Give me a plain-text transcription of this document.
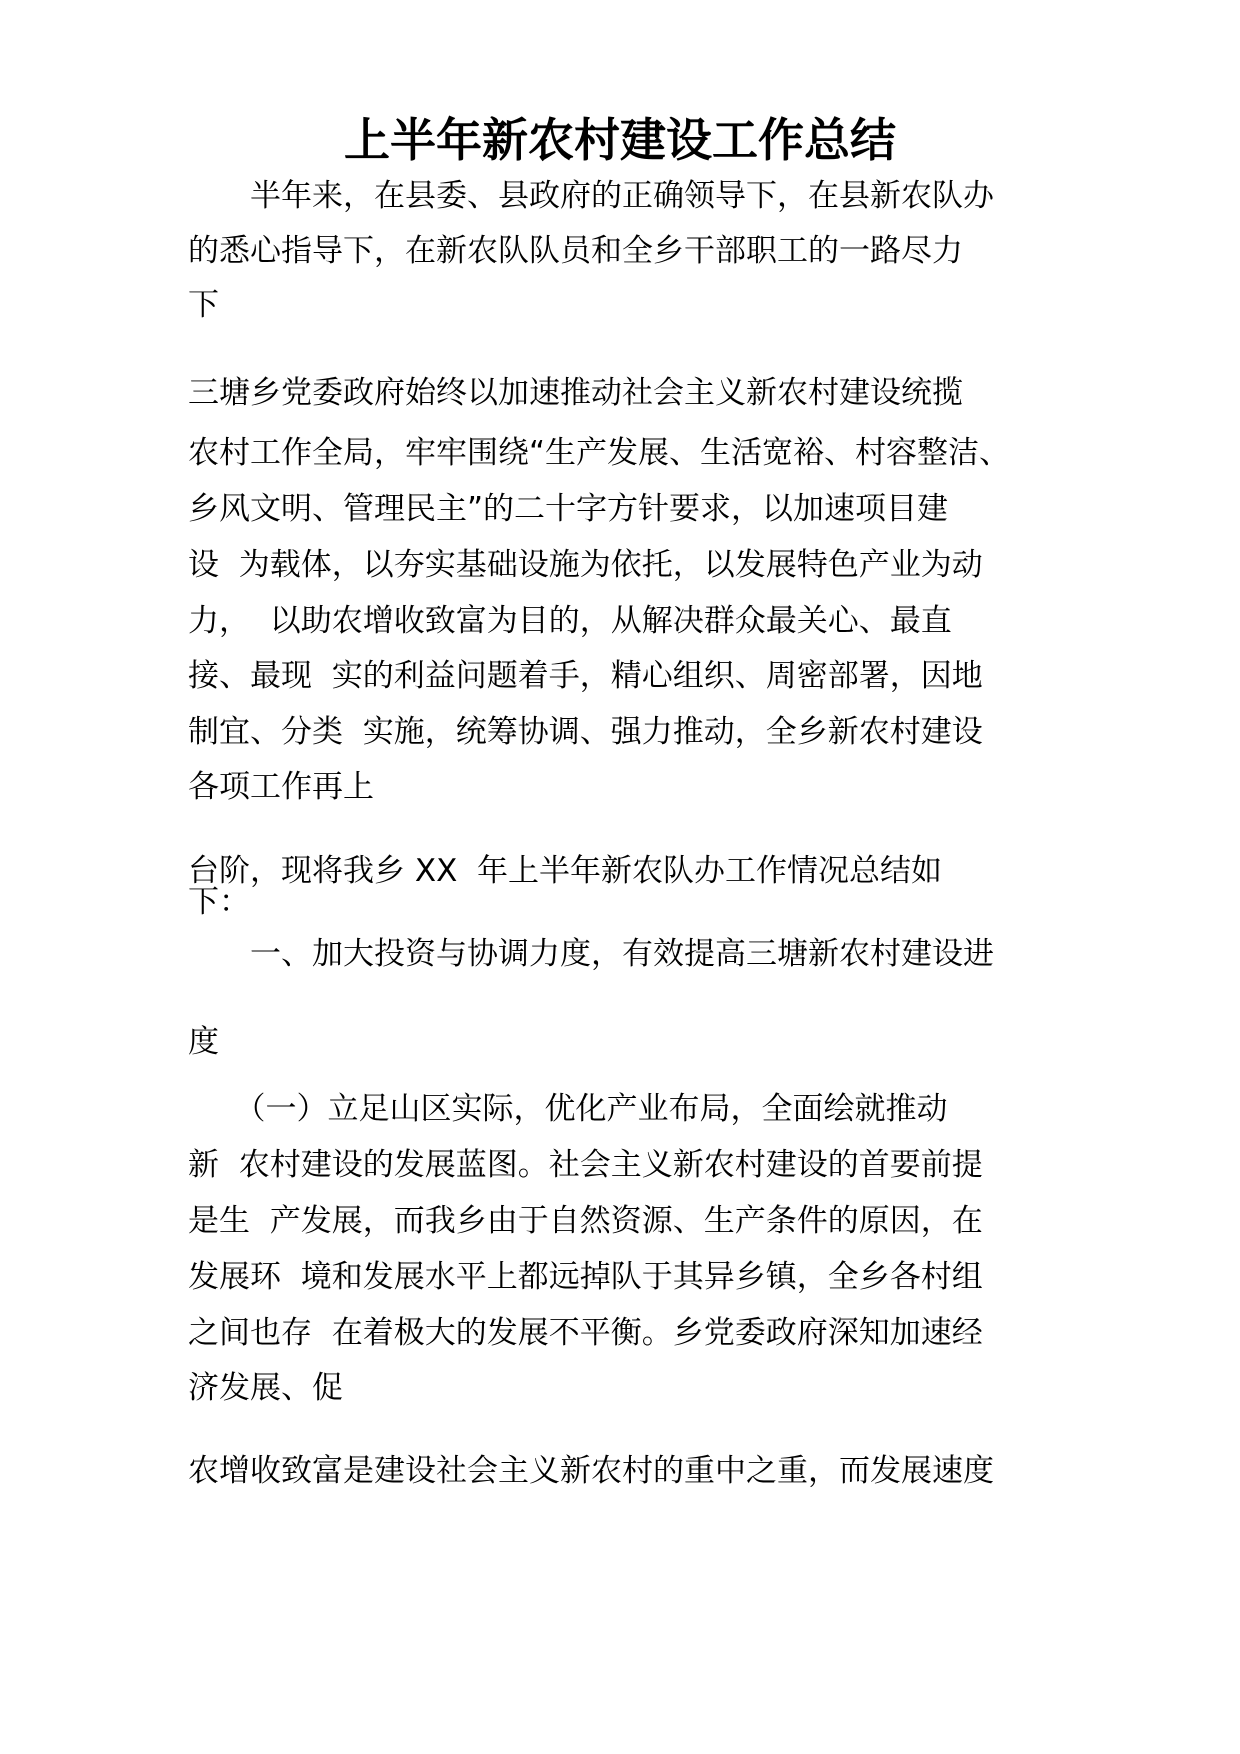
上半年新农村建设工作总结
　　半年来，在县委、县政府的正确领导下，在县新农队办
的悉心指导下，在新农队队员和全乡干部职工的一路尽力
下
三塘乡党委政府始终以加速推动社会主义新农村建设统揽
农村工作全局，牢牢围绕“生产发展、生活宽裕、村容整洁、
乡风文明、管理民主”的二十字方针要求，以加速项目建
设  为载体，以夯实基础设施为依托，以发展特色产业为动
力，  以助农增收致富为目的，从解决群众最关心、最直
接、最现  实的利益问题着手，精心组织、周密部署，因地
制宜、分类  实施，统筹协调、强力推动，全乡新农村建设
各项工作再上
台阶，现将我乡 XX  年上半年新农队办工作情况总结如
下：
　　一、加大投资与协调力度，有效提高三塘新农村建设进
度
　　（一）立足山区实际，优化产业布局，全面绘就推动
新  农村建设的发展蓝图。社会主义新农村建设的首要前提
是生  产发展，而我乡由于自然资源、生产条件的原因，在
发展环  境和发展水平上都远掉队于其异乡镇，全乡各村组
之间也存  在着极大的发展不平衡。乡党委政府深知加速经
济发展、促
农增收致富是建设社会主义新农村的重中之重，而发展速度
